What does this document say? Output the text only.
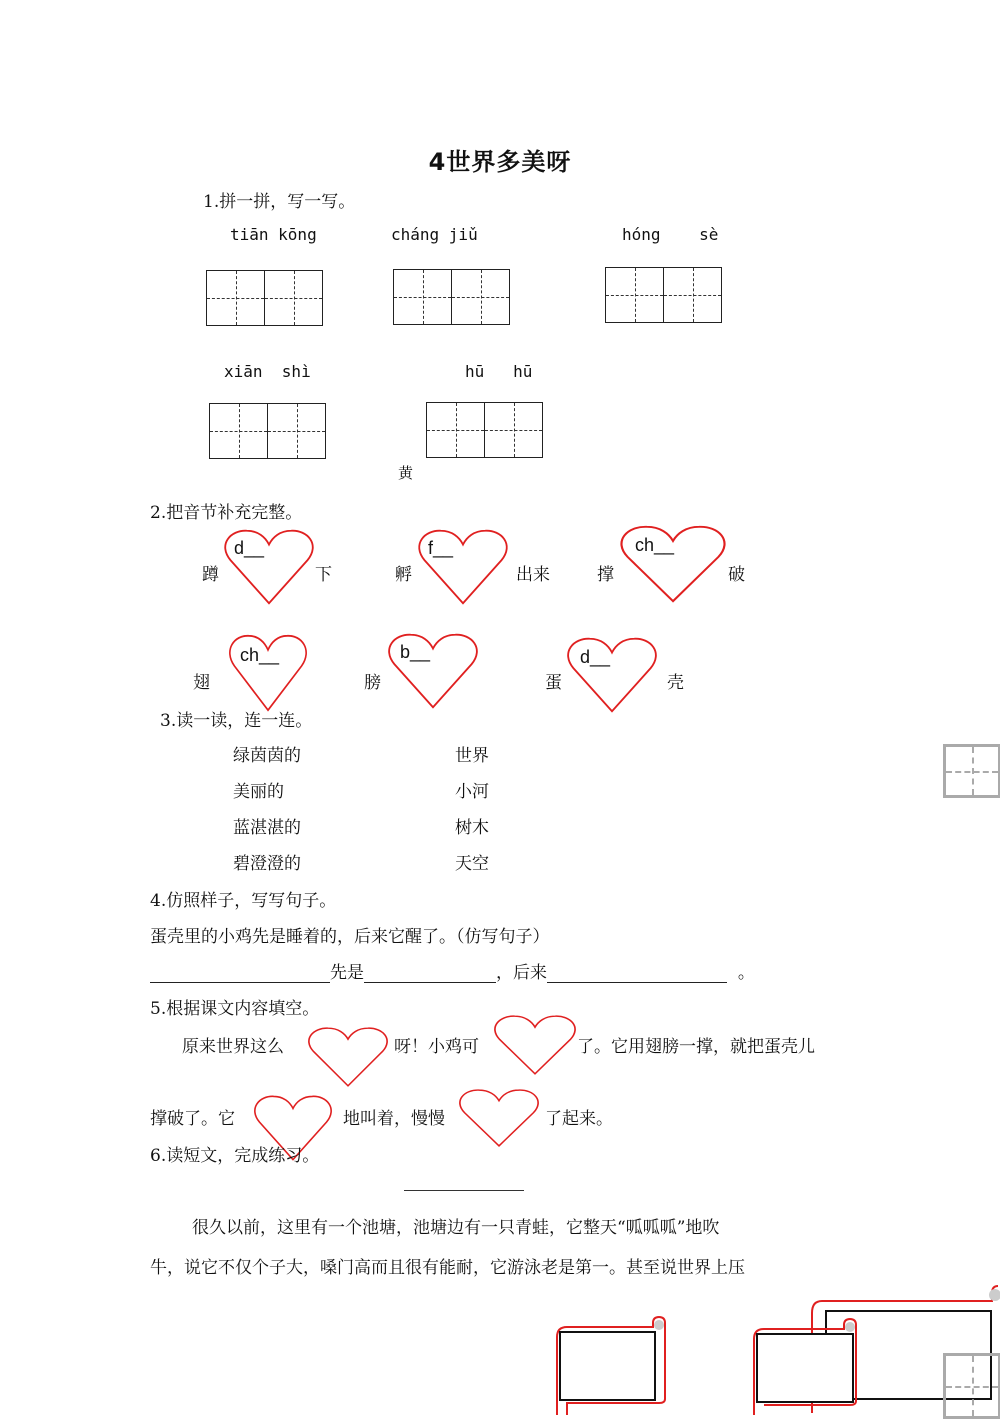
4世界多美呀
1.拼一拼，写一写。
tiān kōng	cháng jiǔ	hóng    sè
xiān  shì	hū   hū
黄
2.把音节补充完整。
蹲
d__
下	孵
f__
出来	撑
ch__
破
翅
ch__
膀
b__
蛋
d__
壳
3.读一读，连一连。
绿茵茵的
美丽的
蓝湛湛的
碧澄澄的
世界
小河
树木
天空
4.仿照样子，写写句子。
蛋壳里的小鸡先是睡着的，后来它醒了。（仿写句子）
先是	，后来	。
5.根据课文内容填空。
原来世界这么	呀！小鸡可	了。它用翅膀一撑，就把蛋壳儿
撑破了。它	地叫着，慢慢	了起来。
6.读短文，完成练习。
很久以前，这里有一个池塘，池塘边有一只青蛙，它整天“呱呱呱”地吹
牛，说它不仅个子大，嗓门高而且很有能耐，它游泳老是第一。甚至说世界上压
